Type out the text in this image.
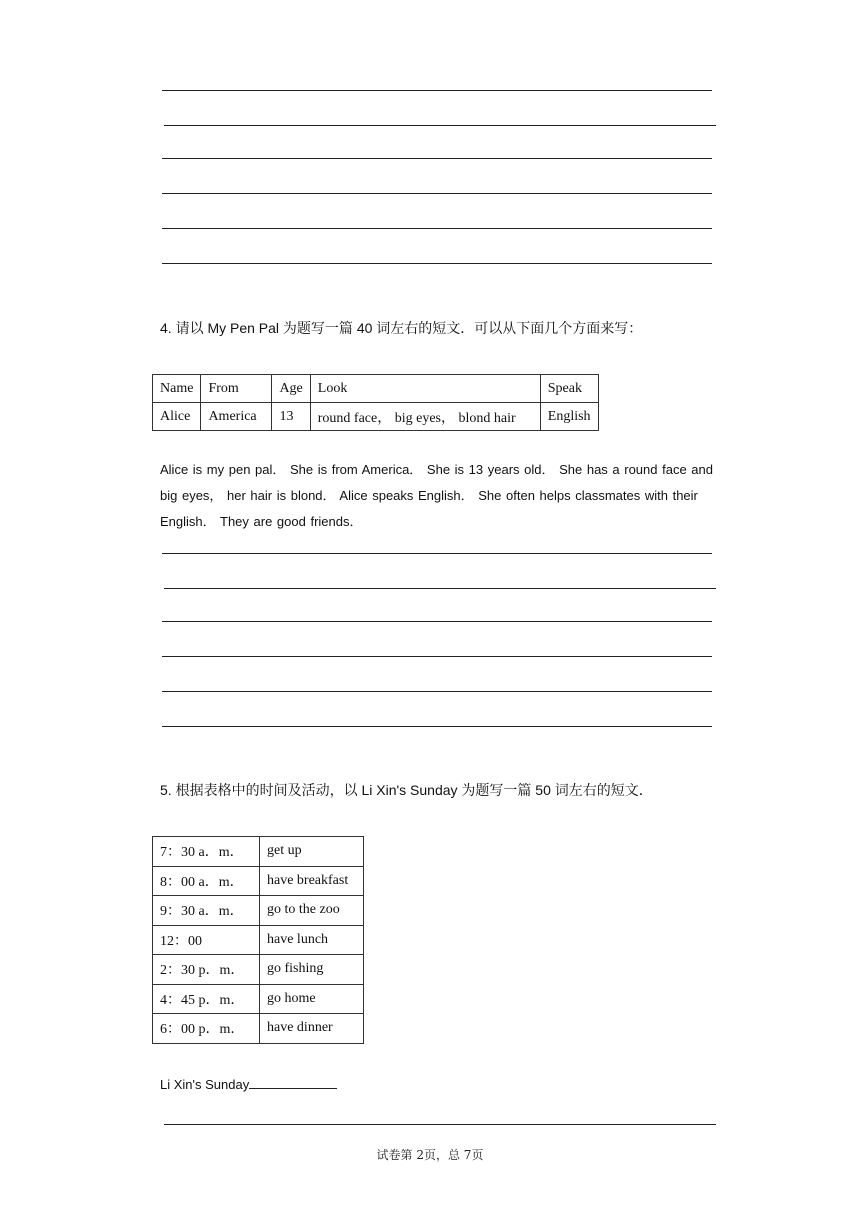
4. 请以 My Pen Pal 为题写一篇 40 词左右的短文．可以从下面几个方面来写：
Name	From	Age	Look	Speak
Alice	America	13	round face， big eyes， blond hair	English
Alice is my pen pal． She is from America． She is 13 years old． She has a round face and big eyes， her hair is blond． Alice speaks English． She often helps classmates with their English． They are good friends．
5. 根据表格中的时间及活动，以 Li Xin's Sunday 为题写一篇 50 词左右的短文．
7：30 a．m．	get up
8：00 a．m．	have breakfast
9：30 a．m．	go to the zoo
12：00	have lunch
2：30 p．m．	go fishing
4：45 p．m．	go home
6：00 p．m．	have dinner
Li Xin's Sunday
试卷第 2页，总 7页
